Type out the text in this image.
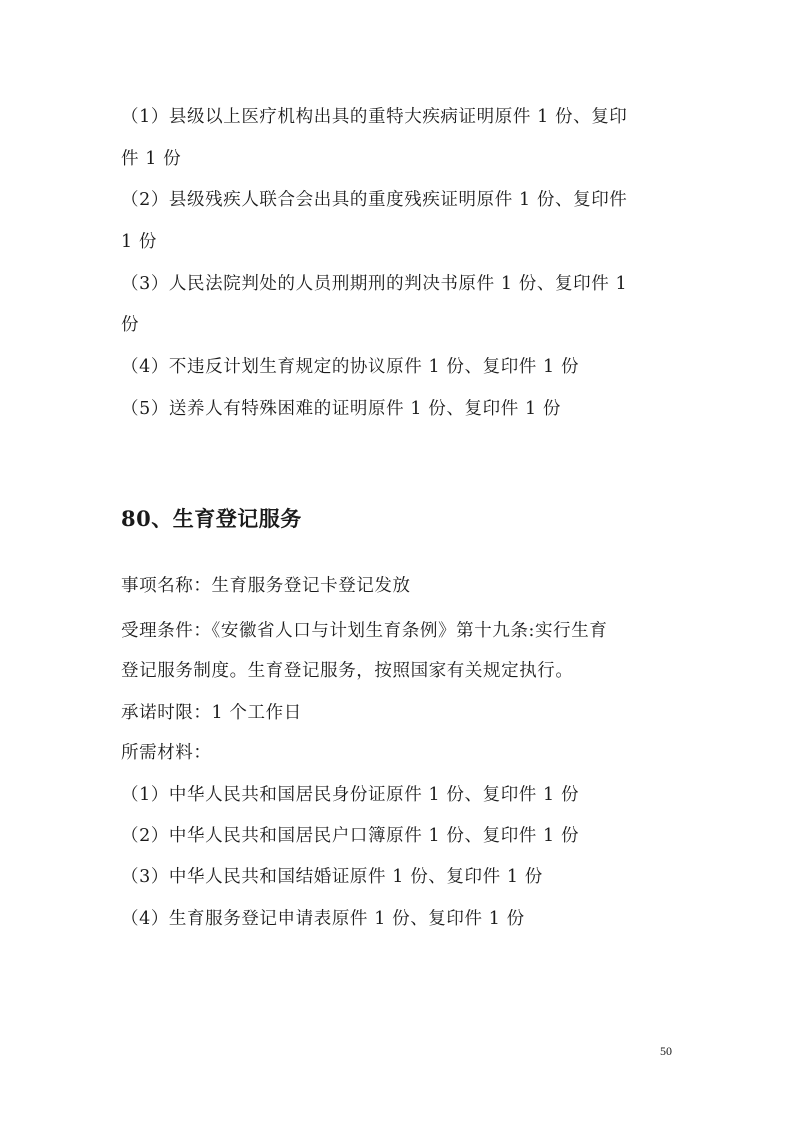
（1）县级以上医疗机构出具的重特大疾病证明原件 1 份、复印
件 1 份
（2）县级残疾人联合会出具的重度残疾证明原件 1 份、复印件
1 份
（3）人民法院判处的人员刑期刑的判决书原件 1 份、复印件 1
份
（4）不违反计划生育规定的协议原件 1 份、复印件 1 份
（5）送养人有特殊困难的证明原件 1 份、复印件 1 份
80、生育登记服务
事项名称：生育服务登记卡登记发放
受理条件：《安徽省人口与计划生育条例》第十九条:实行生育
登记服务制度。生育登记服务，按照国家有关规定执行。
承诺时限：1 个工作日
所需材料：
（1）中华人民共和国居民身份证原件 1 份、复印件 1 份
（2）中华人民共和国居民户口簿原件 1 份、复印件 1 份
（3）中华人民共和国结婚证原件 1 份、复印件 1 份
（4）生育服务登记申请表原件 1 份、复印件 1 份
50
